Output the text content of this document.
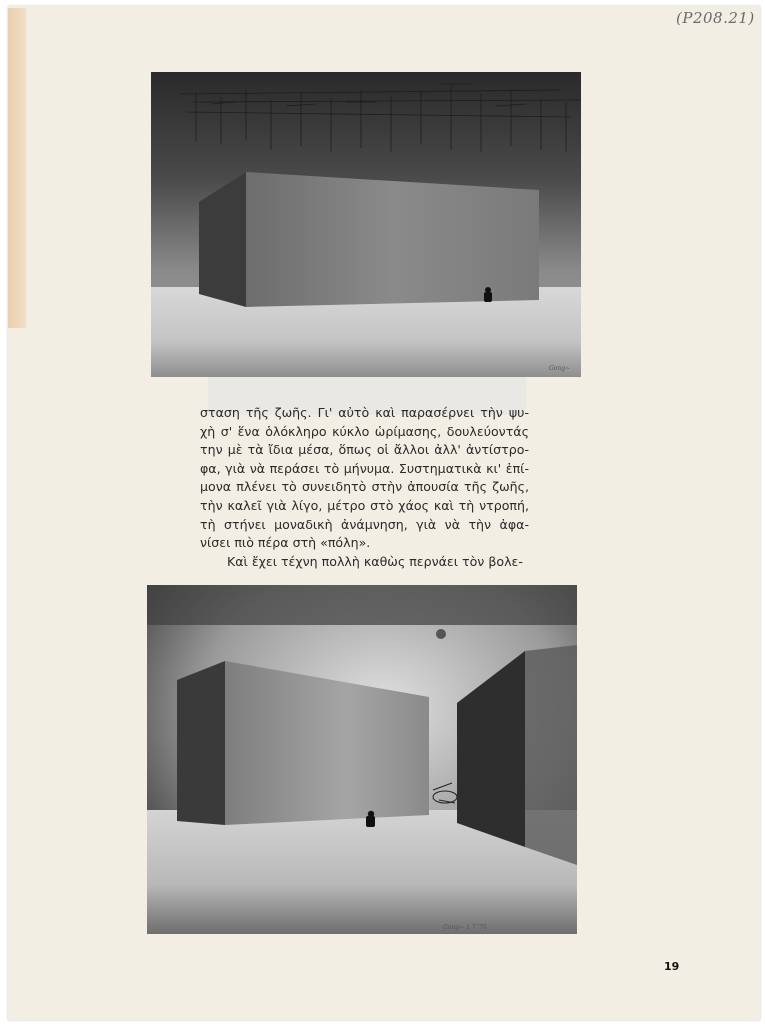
(Ρ208.21)
Gong~

σταση τῆς ζωῆς. Γι' αὐτὸ καὶ παρασέρνει τὴν ψυ-

χὴ σ' ἕνα ὁλόκληρο κύκλο ὡρίμασης, δουλεύοντάς

την μὲ τὰ ἴδια μέσα, ὅπως οἱ ἄλλοι ἀλλ' ἀντίστρο-

φα, γιὰ νὰ περάσει τὸ μήνυμα. Συστηματικὰ κι' ἐπί-

μονα πλένει τὸ συνειδητὸ στὴν ἀπουσία τῆς ζωῆς,

τὴν καλεῖ γιὰ λίγο, μέτρο στὸ χάος καὶ τὴ ντροπή,

τὴ στήνει μοναδικὴ ἀνάμνηση, γιὰ νὰ τὴν ἀφα-

νίσει πιὸ πέρα στὴ «πόλη».

Καὶ ἔχει τέχνη πολλὴ καθὼς περνάει τὸν βολε-

Gong~ 1 7 '76
19
